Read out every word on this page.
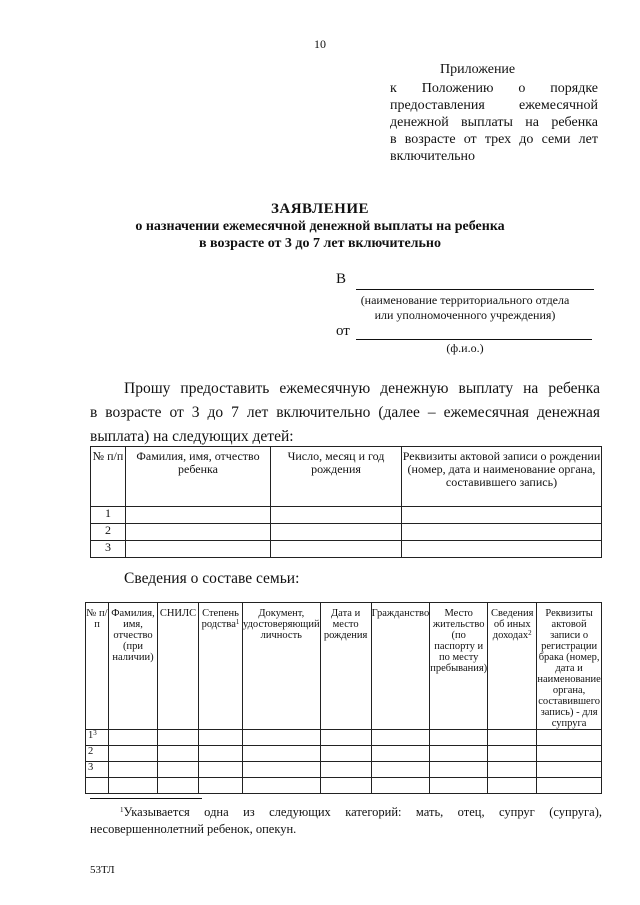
10
Приложение
к Положению о порядке
предоставления ежемесячной
денежной выплаты на ребенка
в возрасте от трех до семи лет
включительно
ЗАЯВЛЕНИЕ
о назначении ежемесячной денежной выплаты на ребенка
в возрасте от 3 до 7 лет включительно
В
(наименование территориального отдела
или уполномоченного учреждения)
от
(ф.и.о.)
Прошу предоставить ежемесячную денежную выплату на ребенка
в возрасте от 3 до 7 лет включительно (далее – ежемесячная денежная
выплата) на следующих детей:
№ п/п	Фамилия, имя, отчество ребенка	Число, месяц и год рождения	Реквизиты актовой записи о рождении (номер, дата и наименование органа, составившего запись)
1			
2			
3			
Сведения о составе семьи:
№ п/п	Фамилия, имя, отчество (при наличии)	СНИЛС	Степень родства$^1$	Документ, удостоверяющий личность	Дата и место рождения	Гражданство	Место жительство (по паспорту и по месту пребывания)	Сведения об иных доходах$^2$	Реквизиты актовой записи о регистрации брака (номер, дата и наименование органа, составившего запись) - для супруга
$1^3$									
2									
3									

$^1$Указывается одна из следующих категорий: мать, отец, супруг (супруга),
несовершеннолетний ребенок, опекун.
53ТЛ
